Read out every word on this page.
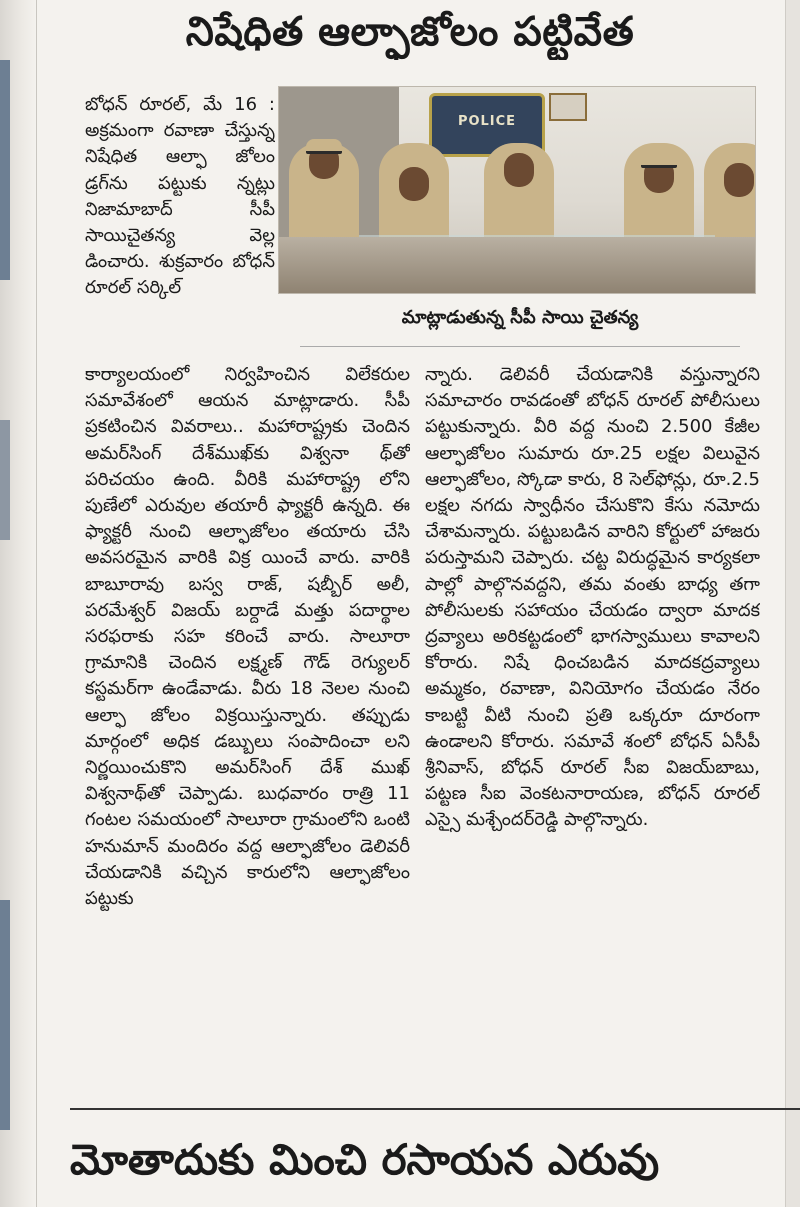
నిషేధిత ఆల్ఫాజోలం పట్టివేత
బోధన్ రూరల్, మే 16 : అక్రమంగా రవాణా చేస్తున్న నిషేధిత ఆల్ఫా జోలం డ్రగ్‌ను పట్టుకు న్నట్లు నిజామాబాద్ సీపీ సాయిచైతన్య వెల్ల డించారు. శుక్రవారం బోధన్ రూరల్ సర్కిల్
POLICE
మాట్లాడుతున్న సీపీ సాయి చైతన్య
కార్యాలయంలో నిర్వహించిన విలేకరుల సమావేశంలో ఆయన మాట్లాడారు. సీపీ ప్రకటించిన వివరాలు.. మహారాష్ట్రకు చెందిన అమర్‌సింగ్ దేశ్‌ముఖ్‌కు విశ్వనా థ్‌తో పరిచయం ఉంది. వీరికి మహారాష్ట్ర లోని పుణేలో ఎరువుల తయారీ ఫ్యాక్టరీ ఉన్నది. ఈ ఫ్యాక్టరీ నుంచి ఆల్ఫాజోలం తయారు చేసి అవసరమైన వారికి విక్ర యించే వారు. వారికి బాబూరావు బస్వ రాజ్, షబ్బీర్ అలీ, పరమేశ్వర్ విజయ్ బర్దాడే మత్తు పదార్థాల సరఫరాకు సహ కరించే వారు. సాలూరా గ్రామానికి చెందిన లక్ష్మణ్ గౌడ్ రెగ్యులర్ కస్టమర్‌గా ఉండేవాడు. వీరు 18 నెలల నుంచి ఆల్ఫా జోలం విక్రయిస్తున్నారు. తప్పుడు మార్గంలో అధిక డబ్బులు సంపాదించా లని నిర్ణయించుకొని అమర్‌సింగ్ దేశ్ ముఖ్ విశ్వనాథ్‌తో చెప్పాడు. బుధవారం రాత్రి 11 గంటల సమయంలో సాలూరా గ్రామంలోని ఒంటి హనుమాన్ మందిరం వద్ద ఆల్ఫాజోలం డెలివరీ చేయడానికి వచ్చిన కారులోని ఆల్ఫాజోలం పట్టుకు
న్నారు. డెలివరీ చేయడానికి వస్తున్నారని సమాచారం రావడంతో బోధన్ రూరల్ పోలీసులు పట్టుకున్నారు. వీరి వద్ద నుంచి 2.500 కేజీల ఆల్ఫాజోలం సుమారు రూ.25 లక్షల విలువైన ఆల్ఫాజోలం, స్కోడా కారు, 8 సెల్‌ఫోన్లు, రూ.2.5 లక్షల నగదు స్వాధీనం చేసుకొని కేసు నమోదు చేశామన్నారు. పట్టుబడిన వారిని కోర్టులో హాజరు పరుస్తామని చెప్పారు. చట్ట విరుద్ధమైన కార్యకలా పాల్లో పాల్గొనవద్దని, తమ వంతు బాధ్య తగా పోలీసులకు సహాయం చేయడం ద్వారా మాదక ద్రవ్యాలు అరికట్టడంలో భాగస్వాములు కావాలని కోరారు. నిషే ధించబడిన మాదకద్రవ్యాలు అమ్మకం, రవాణా, వినియోగం చేయడం నేరం కాబట్టి వీటి నుంచి ప్రతి ఒక్కరూ దూరంగా ఉండాలని కోరారు. సమావే శంలో బోధన్ ఏసీపీ శ్రీనివాస్, బోధన్ రూరల్ సీఐ విజయ్‌బాబు, పట్టణ సీఐ వెంకటనారాయణ, బోధన్ రూరల్ ఎస్సై మశ్చేందర్‌రెడ్డి పాల్గొన్నారు.
మోతాదుకు మించి రసాయన ఎరువు
